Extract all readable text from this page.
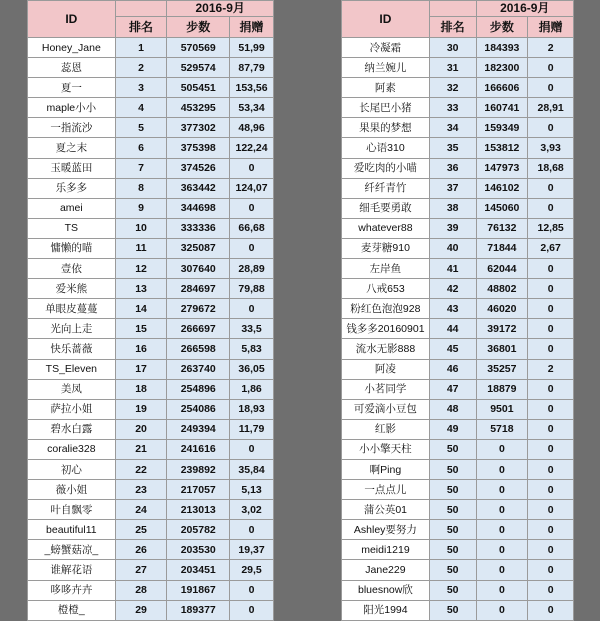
ID		2016-9月	
	排名	步数	捐赠
Honey_Jane	1	570569	51,99
蕊恩	2	529574	87,79
夏一	3	505451	153,56
maple小小	4	453295	53,34
一指流沙	5	377302	48,96
夏之末	6	375398	122,24
玉暖蓝田	7	374526	0
乐多多	8	363442	124,07
amei	9	344698	0
TS	10	333336	66,68
慵懒的喵	11	325087	0
壹依	12	307640	28,89
爱米熊	13	284697	79,88
单眼皮蔓蔓	14	279672	0
光向上走	15	266697	33,5
快乐蔷薇	16	266598	5,83
TS_Eleven	17	263740	36,05
美凤	18	254896	1,86
萨拉小姐	19	254086	18,93
碧水白露	20	249394	11,79
coralie328	21	241616	0
初心	22	239892	35,84
薇小姐	23	217057	5,13
叶自飘零	24	213013	3,02
beautiful11	25	205782	0
_螃蟹菇凉_	26	203530	19,37
谁解花语	27	203451	29,5
哆哆卉卉	28	191867	0
橙橙_	29	189377	0
ID		2016-9月	
	排名	步数	捐赠
冷凝霜	30	184393	2
纳兰婉儿	31	182300	0
阿素	32	166606	0
长尾巴小猪	33	160741	28,91
果果的梦想	34	159349	0
心语310	35	153812	3,93
爱吃肉的小喵	36	147973	18,68
纤纤青竹	37	146102	0
细毛要勇敢	38	145060	0
whatever88	39	76132	12,85
麦芽糖910	40	71844	2,67
左岸鱼	41	62044	0
八戒653	42	48802	0
粉红色泡泡928	43	46020	0
钱多多20160901	44	39172	0
流水无影888	45	36801	0
阿凌	46	35257	2
小茗同学	47	18879	0
可爱滴小豆包	48	9501	0
红影	49	5718	0
小小擎天柱	50	0	0
啊Ping	50	0	0
一点点儿	50	0	0
蒲公英01	50	0	0
Ashley要努力	50	0	0
meidi1219	50	0	0
Jane229	50	0	0
bluesnow欣	50	0	0
阳光1994	50	0	0
